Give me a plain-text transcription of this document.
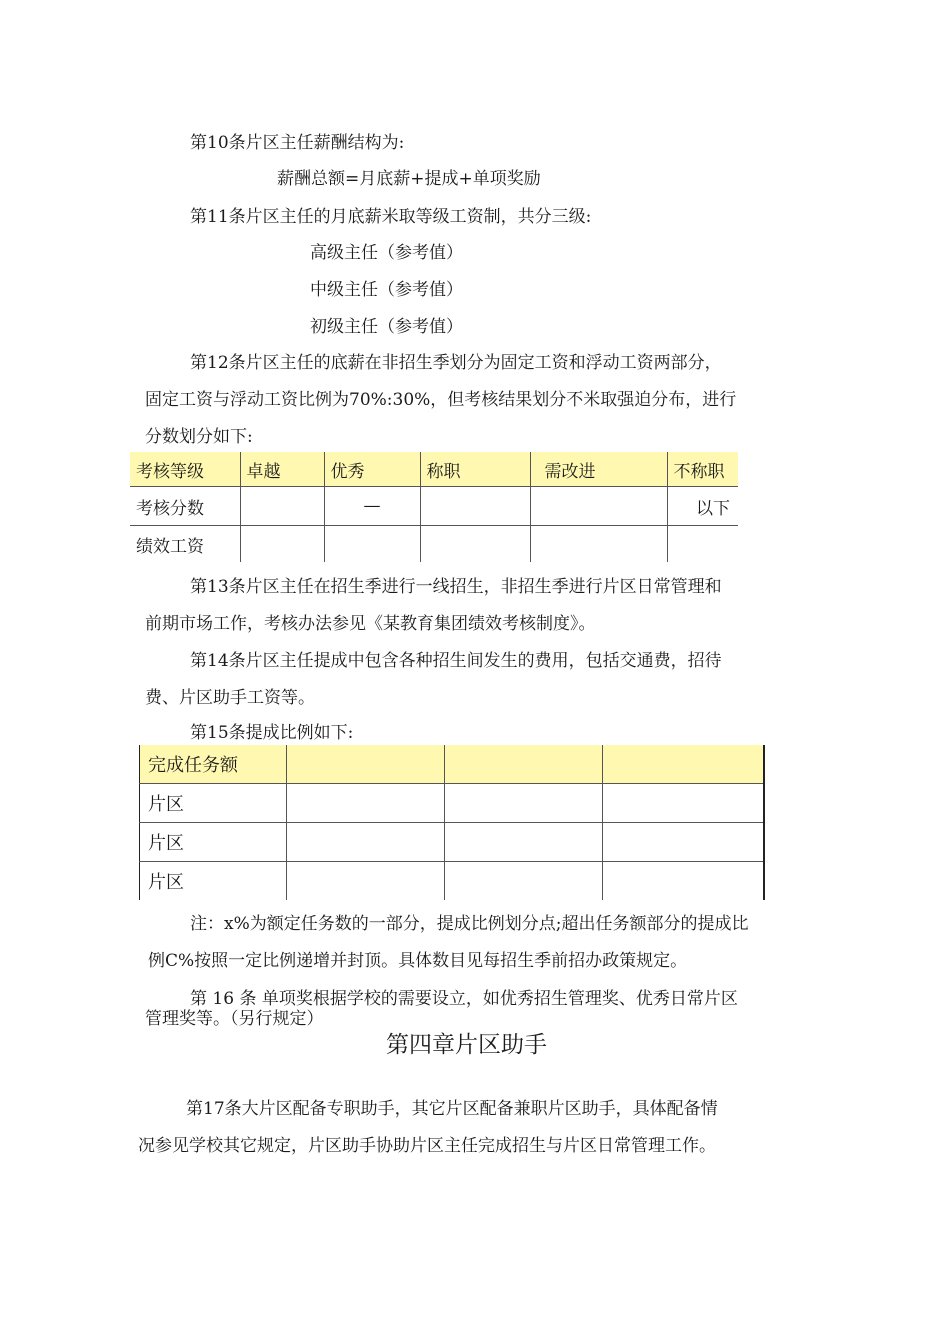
第10条片区主任薪酬结构为:
薪酬总额=月底薪+提成+单项奖励
第11条片区主任的月底薪米取等级工资制，共分三级:
高级主任（参考值）
中级主任（参考值）
初级主任（参考值）
第12条片区主任的底薪在非招生季划分为固定工资和浮动工资两部分，
固定工资与浮动工资比例为70%:30%，但考核结果划分不米取强迫分布，进行
分数划分如下:
考核等级	卓越	优秀	称职	需改进	不称职
考核分数		—			以下
绩效工资					
第13条片区主任在招生季进行一线招生，非招生季进行片区日常管理和
前期市场工作，考核办法参见《某教育集团绩效考核制度》。
第14条片区主任提成中包含各种招生间发生的费用，包括交通费，招待
费、片区助手工资等。
第15条提成比例如下:
完成任务额			
片区			
片区			
片区			
注：x%为额定任务数的一部分，提成比例划分点;超出任务额部分的提成比
例C%按照一定比例递增并封顶。具体数目见每招生季前招办政策规定。
第 16 条 单项奖根据学校的需要设立，如优秀招生管理奖、优秀日常片区
管理奖等。（另行规定）
第四章片区助手
第17条大片区配备专职助手，其它片区配备兼职片区助手，具体配备情
况参见学校其它规定，片区助手协助片区主任完成招生与片区日常管理工作。
